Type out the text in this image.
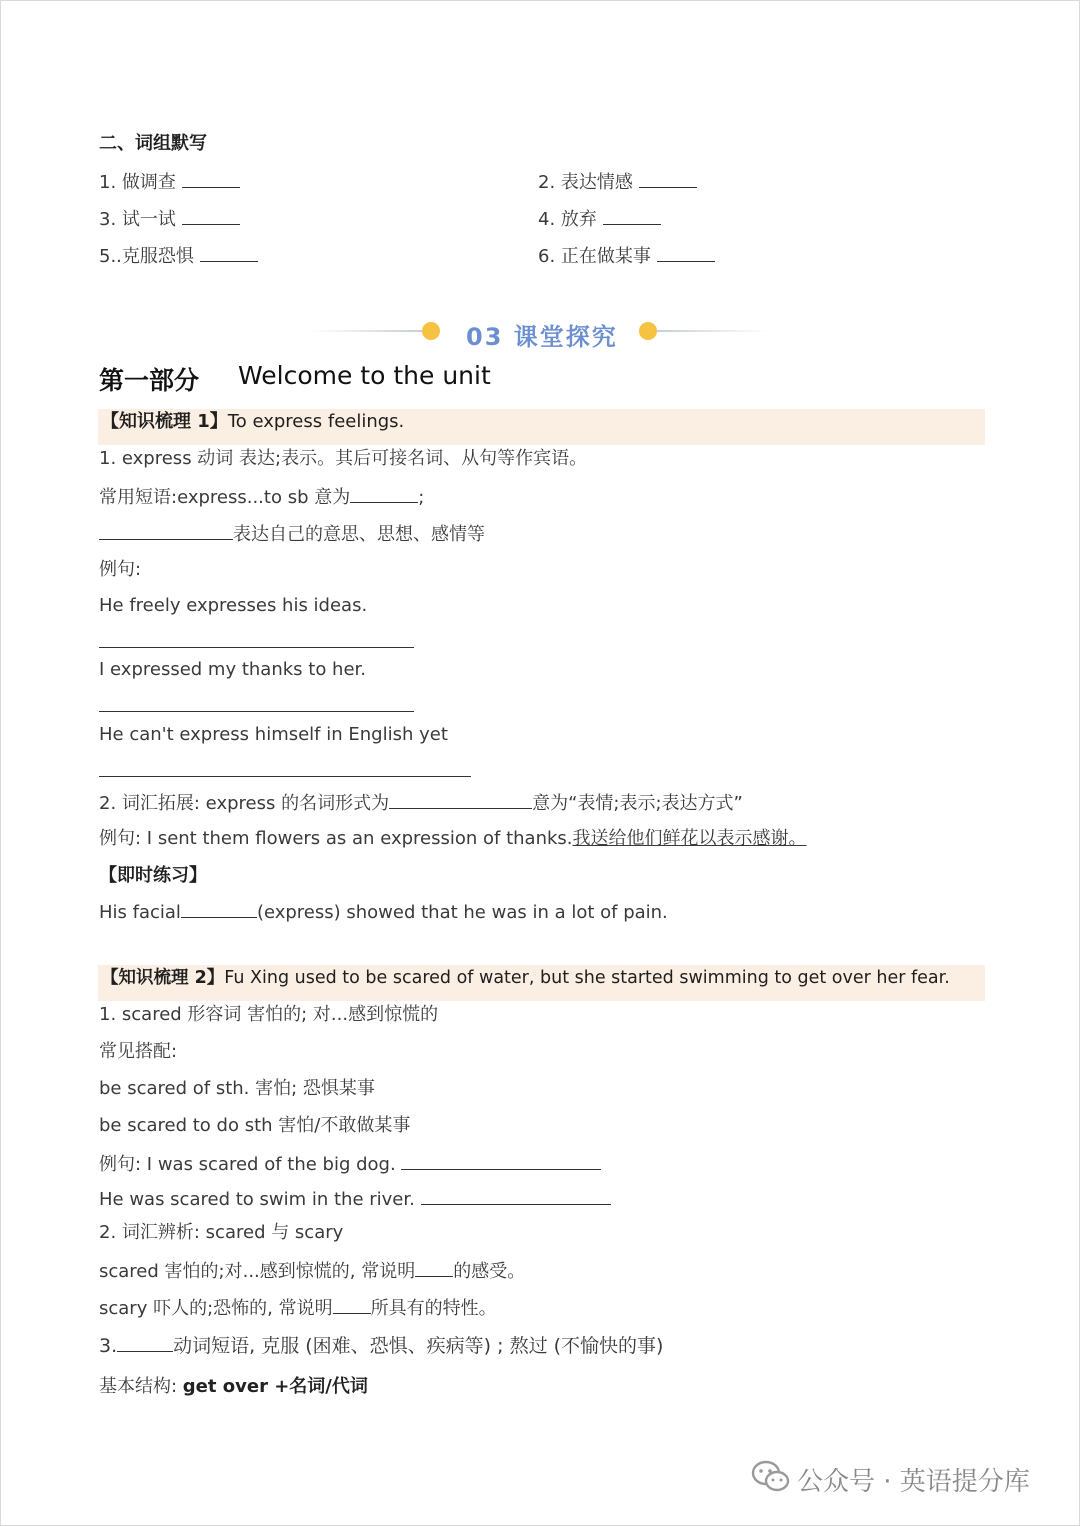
二、词组默写
1. 做调查	2. 表达情感
3. 试一试	4. 放弃
5..克服恐惧	6. 正在做某事
03 课堂探究
第一部分 Welcome to the unit
【知识梳理 1】To express feelings.
1. express 动词 表达;表示。其后可接名词、从句等作宾语。
常用短语:express...to sb 意为	;
表达自己的意思、思想、感情等
例句:
He freely expresses his ideas.
I expressed my thanks to her.
He can't express himself in English yet
2. 词汇拓展: express 的名词形式为	意为“表情;表示;表达方式”
例句: I sent them flowers as an expression of thanks.我送给他们鲜花以表示感谢。
【即时练习】
His facial	(express) showed that he was in a lot of pain.
【知识梳理 2】Fu Xing used to be scared of water, but she started swimming to get over her fear.
1. scared 形容词 害怕的; 对...感到惊慌的
常见搭配:
be scared of sth. 害怕; 恐惧某事
be scared to do sth 害怕/不敢做某事
例句: I was scared of the big dog.
He was scared to swim in the river.
2. 词汇辨析: scared 与 scary
scared 害怕的;对...感到惊慌的, 常说明 的感受。
scary 吓人的;恐怖的, 常说明 所具有的特性。
3.	动词短语, 克服 (困难、恐惧、疾病等) ; 熬过 (不愉快的事)
基本结构: get over +名词/代词
公众号 · 英语提分库
